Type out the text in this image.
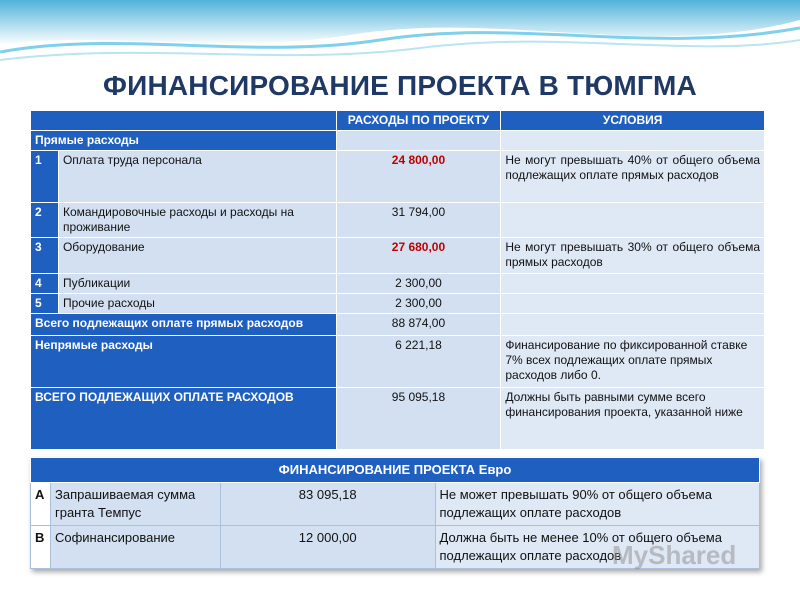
ФИНАНСИРОВАНИЕ ПРОЕКТА В ТЮМГМА
		РАСХОДЫ ПО ПРОЕКТУ	УСЛОВИЯ
Прямые расходы			
1	Оплата труда персонала	24 800,00	Не могут превышать 40% от общего объема подлежащих оплате прямых расходов
2	Командировочные расходы и расходы на проживание	31 794,00	
3	Оборудование	27 680,00	Не могут превышать 30% от общего объема прямых расходов
4	Публикации	2 300,00	
5	Прочие расходы	2 300,00	
Всего подлежащих оплате прямых расходов		88 874,00	
Непрямые расходы		6 221,18	Финансирование по фиксированной ставке 7% всех подлежащих оплате прямых расходов либо 0.
ВСЕГО ПОДЛЕЖАЩИХ ОПЛАТЕ РАСХОДОВ		95 095,18	Должны быть равными сумме всего финансирования проекта, указанной ниже
ФИНАНСИРОВАНИЕ ПРОЕКТА Евро			
A	Запрашиваемая сумма гранта Темпус	83 095,18	Не может превышать 90% от общего объема подлежащих оплате расходов
B	Софинансирование	12 000,00	Должна быть не менее 10% от общего объема подлежащих оплате расходов
MyShared
